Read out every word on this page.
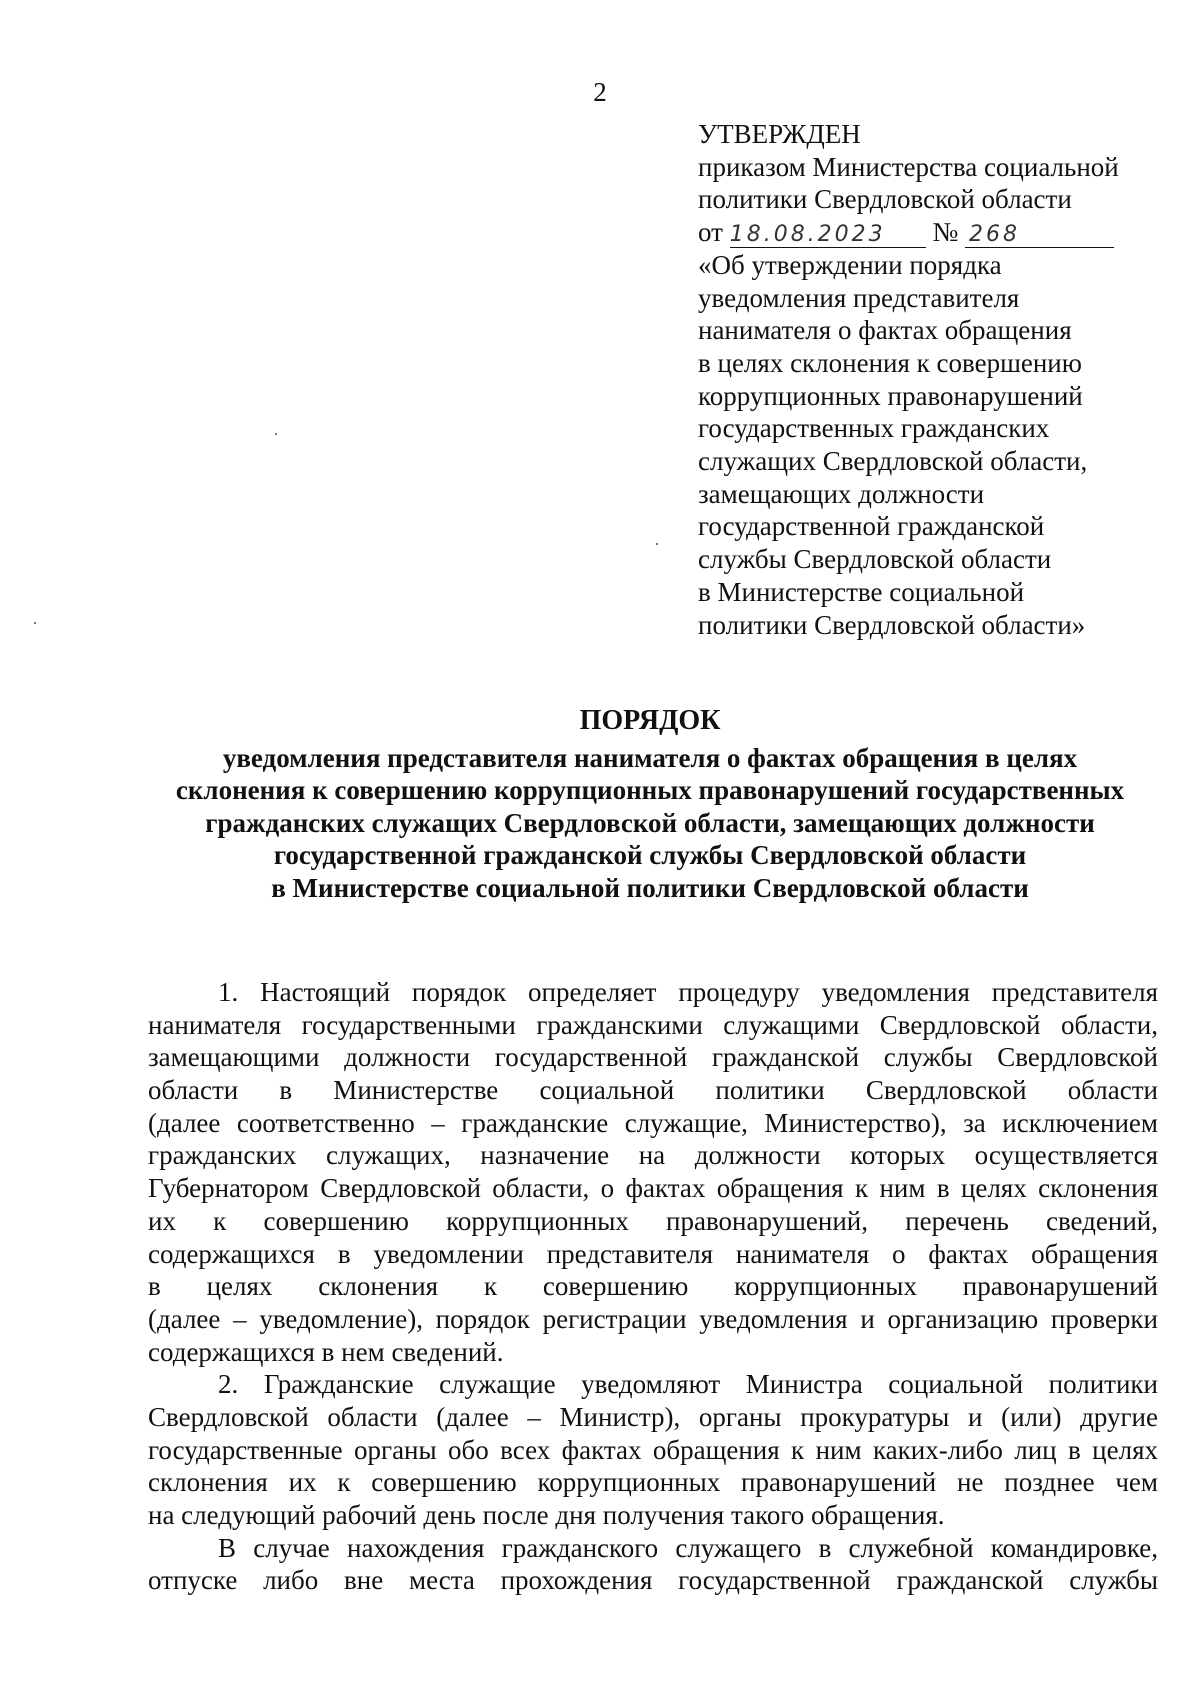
2
УТВЕРЖДЕН
приказом Министерства социальной
политики Свердловской области
от 18.08.2023 № 268
«Об утверждении порядка
уведомления представителя
нанимателя о фактах обращения
в целях склонения к совершению
коррупционных правонарушений
государственных гражданских
служащих Свердловской области,
замещающих должности
государственной гражданской
службы Свердловской области
в Министерстве социальной
политики Свердловской области»
ПОРЯДОК
уведомления представителя нанимателя о фактах обращения в целях
склонения к совершению коррупционных правонарушений государственных
гражданских служащих Свердловской области, замещающих должности
государственной гражданской службы Свердловской области
в Министерстве социальной политики Свердловской области
1. Настоящий порядок определяет процедуру уведомления представителя
нанимателя государственными гражданскими служащими Свердловской области,
замещающими должности государственной гражданской службы Свердловской
области в Министерстве социальной политики Свердловской области
(далее соответственно – гражданские служащие, Министерство), за исключением
гражданских служащих, назначение на должности которых осуществляется
Губернатором Свердловской области, о фактах обращения к ним в целях склонения
их к совершению коррупционных правонарушений, перечень сведений,
содержащихся в уведомлении представителя нанимателя о фактах обращения
в целях склонения к совершению коррупционных правонарушений
(далее – уведомление), порядок регистрации уведомления и организацию проверки
содержащихся в нем сведений.
2. Гражданские служащие уведомляют Министра социальной политики
Свердловской области (далее – Министр), органы прокуратуры и (или) другие
государственные органы обо всех фактах обращения к ним каких-либо лиц в целях
склонения их к совершению коррупционных правонарушений не позднее чем
на следующий рабочий день после дня получения такого обращения.
В случае нахождения гражданского служащего в служебной командировке,
отпуске либо вне места прохождения государственной гражданской службы
